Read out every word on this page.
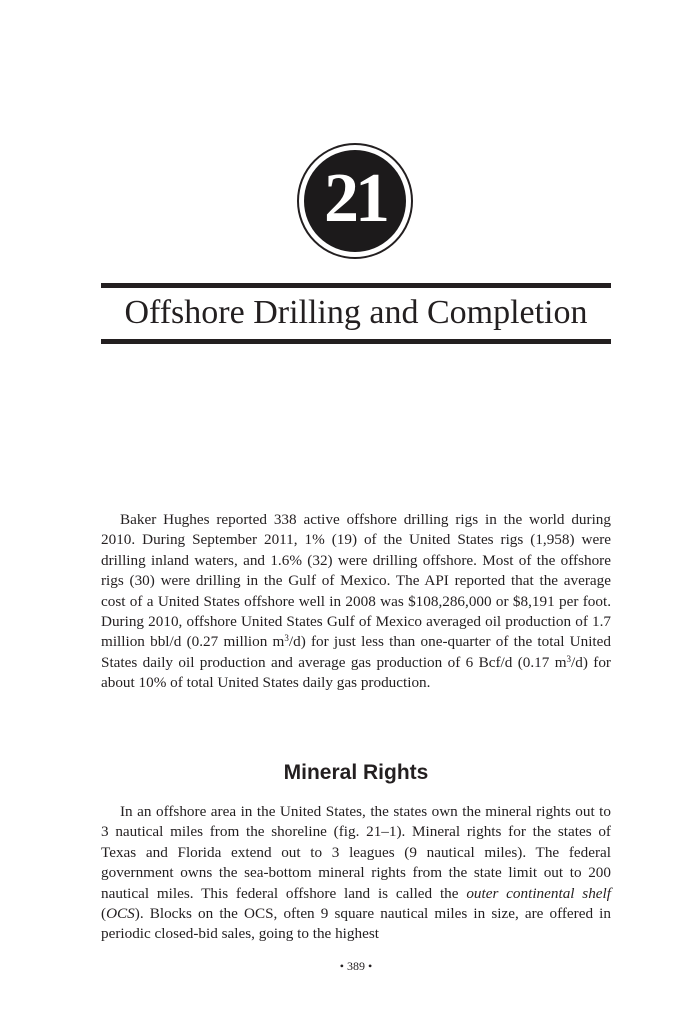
21
Offshore Drilling and Completion

Baker Hughes reported 338 active offshore drilling rigs in the world during 2010. During September 2011, 1% (19) of the United States rigs (1,958) were drilling inland waters, and 1.6% (32) were drilling offshore. Most of the offshore rigs (30) were drilling in the Gulf of Mexico. The API reported that the average cost of a United States offshore well in 2008 was $108,286,000 or $8,191 per foot. During 2010, offshore United States Gulf of Mexico averaged oil production of 1.7 million bbl/d (0.27 million $m^3/d$) for just less than one-quarter of the total United States daily oil production and average gas production of 6 Bcf/d (0.17 $m^3/d$) for about 10% of total United States daily gas production.

Mineral Rights

In an offshore area in the United States, the states own the mineral rights out to 3 nautical miles from the shoreline (fig. 21–1). Mineral rights for the states of Texas and Florida extend out to 3 leagues (9 nautical miles). The federal government owns the sea-bottom mineral rights from the state limit out to 200 nautical miles. This federal offshore land is called the outer continental shelf (OCS). Blocks on the OCS, often 9 square nautical miles in size, are offered in periodic closed-bid sales, going to the highest

• 389 •
